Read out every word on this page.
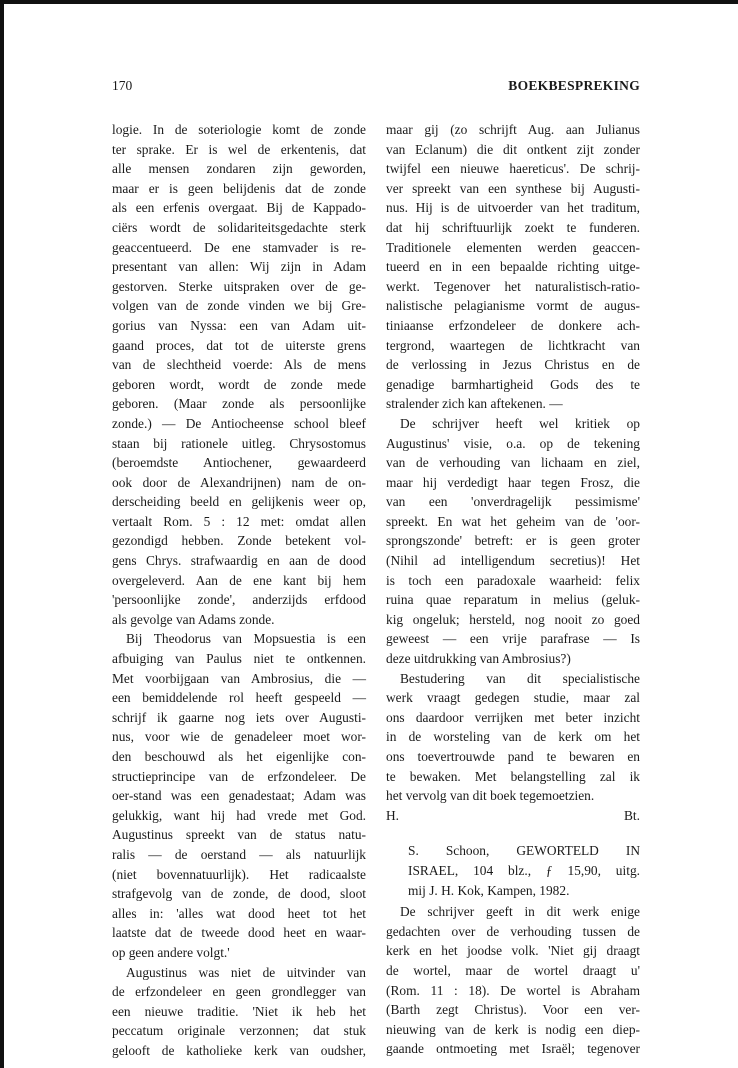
170	BOEKBESPREKING
logie. In de soteriologie komt de zonde
ter sprake. Er is wel de erkentenis, dat
alle mensen zondaren zijn geworden,
maar er is geen belijdenis dat de zonde
als een erfenis overgaat. Bij de Kappado-
ciërs wordt de solidariteitsgedachte sterk
geaccentueerd. De ene stamvader is re-
presentant van allen: Wij zijn in Adam
gestorven. Sterke uitspraken over de ge-
volgen van de zonde vinden we bij Gre-
gorius van Nyssa: een van Adam uit-
gaand proces, dat tot de uiterste grens
van de slechtheid voerde: Als de mens
geboren wordt, wordt de zonde mede
geboren. (Maar zonde als persoonlijke
zonde.) — De Antiocheense school bleef
staan bij rationele uitleg. Chrysostomus
(beroemdste Antiochener, gewaardeerd
ook door de Alexandrijnen) nam de on-
derscheiding beeld en gelijkenis weer op,
vertaalt Rom. 5 : 12 met: omdat allen
gezondigd hebben. Zonde betekent vol-
gens Chrys. strafwaardig en aan de dood
overgeleverd. Aan de ene kant bij hem
'persoonlijke zonde', anderzijds erfdood
als gevolge van Adams zonde.
Bij Theodorus van Mopsuestia is een
afbuiging van Paulus niet te ontkennen.
Met voorbijgaan van Ambrosius, die —
een bemiddelende rol heeft gespeeld —
schrijf ik gaarne nog iets over Augusti-
nus, voor wie de genadeleer moet wor-
den beschouwd als het eigenlijke con-
structieprincipe van de erfzondeleer. De
oer-stand was een genadestaat; Adam was
gelukkig, want hij had vrede met God.
Augustinus spreekt van de status natu-
ralis — de oerstand — als natuurlijk
(niet bovennatuurlijk). Het radicaalste
strafgevolg van de zonde, de dood, sloot
alles in: 'alles wat dood heet tot het
laatste dat de tweede dood heet en waar-
op geen andere volgt.'
Augustinus was niet de uitvinder van
de erfzondeleer en geen grondlegger van
een nieuwe traditie. 'Niet ik heb het
peccatum originale verzonnen; dat stuk
gelooft de katholieke kerk van oudsher,
maar gij (zo schrijft Aug. aan Julianus
van Eclanum) die dit ontkent zijt zonder
twijfel een nieuwe haereticus'. De schrij-
ver spreekt van een synthese bij Augusti-
nus. Hij is de uitvoerder van het traditum,
dat hij schriftuurlijk zoekt te funderen.
Traditionele elementen werden geaccen-
tueerd en in een bepaalde richting uitge-
werkt. Tegenover het naturalistisch-ratio-
nalistische pelagianisme vormt de augus-
tiniaanse erfzondeleer de donkere ach-
tergrond, waartegen de lichtkracht van
de verlossing in Jezus Christus en de
genadige barmhartigheid Gods des te
stralender zich kan aftekenen. —
De schrijver heeft wel kritiek op
Augustinus' visie, o.a. op de tekening
van de verhouding van lichaam en ziel,
maar hij verdedigt haar tegen Frosz, die
van een 'onverdragelijk pessimisme'
spreekt. En wat het geheim van de 'oor-
sprongszonde' betreft: er is geen groter
(Nihil ad intelligendum secretius)! Het
is toch een paradoxale waarheid: felix
ruina quae reparatum in melius (geluk-
kig ongeluk; hersteld, nog nooit zo goed
geweest — een vrije parafrase — Is
deze uitdrukking van Ambrosius?)
Bestudering van dit specialistische
werk vraagt gedegen studie, maar zal
ons daardoor verrijken met beter inzicht
in de worsteling van de kerk om het
ons toevertrouwde pand te bewaren en
te bewaken. Met belangstelling zal ik
het vervolg van dit boek tegemoetzien.
H.	Bt.
S. Schoon, GEWORTELD IN
ISRAEL, 104 blz., ƒ 15,90, uitg.
mij J. H. Kok, Kampen, 1982.
De schrijver geeft in dit werk enige
gedachten over de verhouding tussen de
kerk en het joodse volk. 'Niet gij draagt
de wortel, maar de wortel draagt u'
(Rom. 11 : 18). De wortel is Abraham
(Barth zegt Christus). Voor een ver-
nieuwing van de kerk is nodig een diep-
gaande ontmoeting met Israël; tegenover
